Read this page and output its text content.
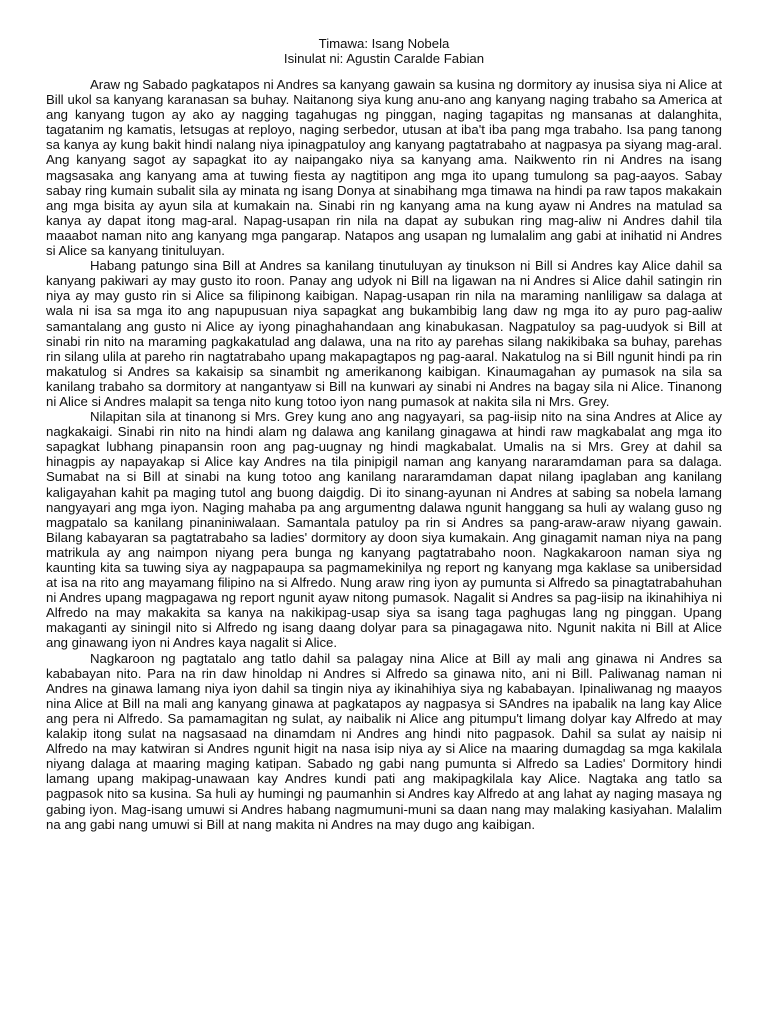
Timawa: Isang Nobela
Isinulat ni: Agustin Caralde Fabian

Araw ng Sabado pagkatapos ni Andres sa kanyang gawain sa kusina ng dormitory ay inusisa siya ni Alice at Bill ukol sa kanyang karanasan sa buhay. Naitanong siya kung anu-ano ang kanyang naging trabaho sa America at ang kanyang tugon ay ako ay nagging tagahugas ng pinggan, naging tagapitas ng mansanas at dalanghita, tagatanim ng kamatis, letsugas at reployo, naging serbedor, utusan at iba't iba pang mga trabaho. Isa pang tanong sa kanya ay kung bakit hindi nalang niya ipinagpatuloy ang kanyang pagtatrabaho at nagpasya pa siyang mag-aral. Ang kanyang sagot ay sapagkat ito ay naipangako niya sa kanyang ama. Naikwento rin ni Andres na isang magsasaka ang kanyang ama at tuwing fiesta ay nagtitipon ang mga ito upang tumulong sa pag-aayos. Sabay sabay ring kumain subalit sila ay minata ng isang Donya at sinabihang mga timawa na hindi pa raw tapos makakain ang mga bisita ay ayun sila at kumakain na. Sinabi rin ng kanyang ama na kung ayaw ni Andres na matulad sa kanya ay dapat itong mag-aral. Napag-usapan rin nila na dapat ay subukan ring mag-aliw ni Andres dahil tila maaabot naman nito ang kanyang mga pangarap. Natapos ang usapan ng lumalalim ang gabi at inihatid ni Andres si Alice sa kanyang tinituluyan.

Habang patungo sina Bill at Andres sa kanilang tinutuluyan ay tinukson ni Bill si Andres kay Alice dahil sa kanyang pakiwari ay may gusto ito roon. Panay ang udyok ni Bill na ligawan na ni Andres si Alice dahil satingin rin niya ay may gusto rin si Alice sa filipinong kaibigan. Napag-usapan rin nila na maraming nanliligaw sa dalaga at wala ni isa sa mga ito ang napupusuan niya sapagkat ang bukambibig lang daw ng mga ito ay puro pag-aaliw samantalang ang gusto ni Alice ay iyong pinaghahandaan ang kinabukasan. Nagpatuloy sa pag-uudyok si Bill at sinabi rin nito na maraming pagkakatulad ang dalawa, una na rito ay parehas silang nakikibaka sa buhay, parehas rin silang ulila at pareho rin nagtatrabaho upang makapagtapos ng pag-aaral. Nakatulog na si Bill ngunit hindi pa rin makatulog si Andres sa kakaisip sa sinambit ng amerikanong kaibigan. Kinaumagahan ay pumasok na sila sa kanilang trabaho sa dormitory at nangantyaw si Bill na kunwari ay sinabi ni Andres na bagay sila ni Alice. Tinanong ni Alice si Andres malapit sa tenga nito kung totoo iyon nang pumasok at nakita sila ni Mrs. Grey.

Nilapitan sila at tinanong si Mrs. Grey kung ano ang nagyayari, sa pag-iisip nito na sina Andres at Alice ay nagkakaigi. Sinabi rin nito na hindi alam ng dalawa ang kanilang ginagawa at hindi raw magkabalat ang mga ito sapagkat lubhang pinapansin roon ang pag-uugnay ng hindi magkabalat. Umalis na si Mrs. Grey at dahil sa hinagpis ay napayakap si Alice kay Andres na tila pinipigil naman ang kanyang nararamdaman para sa dalaga. Sumabat na si Bill at sinabi na kung totoo ang kanilang nararamdaman dapat nilang ipaglaban ang kanilang kaligayahan kahit pa maging tutol ang buong daigdig. Di ito sinang-ayunan ni Andres at sabing sa nobela lamang nangyayari ang mga iyon. Naging mahaba pa ang argumentng dalawa ngunit hanggang sa huli ay walang guso ng magpatalo sa kanilang pinaniniwalaan. Samantala patuloy pa rin si Andres sa pang-araw-araw niyang gawain. Bilang kabayaran sa pagtatrabaho sa ladies' dormitory ay doon siya kumakain. Ang ginagamit naman niya na pang matrikula ay ang naimpon niyang pera bunga ng kanyang pagtatrabaho noon. Nagkakaroon naman siya ng kaunting kita sa tuwing siya ay nagpapaupa sa pagmamekinilya ng report ng kanyang mga kaklase sa unibersidad at isa na rito ang mayamang filipino na si Alfredo. Nung araw ring iyon ay pumunta si Alfredo sa pinagtatrabahuhan ni Andres upang magpagawa ng report ngunit ayaw nitong pumasok. Nagalit si Andres sa pag-iisip na ikinahihiya ni Alfredo na may makakita sa kanya na nakikipag-usap siya sa isang taga paghugas lang ng pinggan. Upang makaganti ay siningil nito si Alfredo ng isang daang dolyar para sa pinagagawa nito. Ngunit nakita ni Bill at Alice ang ginawang iyon ni Andres kaya nagalit si Alice.

Nagkaroon ng pagtatalo ang tatlo dahil sa palagay nina Alice at Bill ay mali ang ginawa ni Andres sa kababayan nito. Para na rin daw hinoldap ni Andres si Alfredo sa ginawa nito, ani ni Bill. Paliwanag naman ni Andres na ginawa lamang niya iyon dahil sa tingin niya ay ikinahihiya siya ng kababayan. Ipinaliwanag ng maayos nina Alice at Bill na mali ang kanyang ginawa at pagkatapos ay nagpasya si SAndres na ipabalik na lang kay Alice ang pera ni Alfredo. Sa pamamagitan ng sulat, ay naibalik ni Alice ang pitumpu't limang dolyar kay Alfredo at may kalakip itong sulat na nagsasaad na dinamdam ni Andres ang hindi nito pagpasok. Dahil sa sulat ay naisip ni Alfredo na may katwiran si Andres ngunit higit na nasa isip niya ay si Alice na maaring dumagdag sa mga kakilala niyang dalaga at maaring maging katipan. Sabado ng gabi nang pumunta si Alfredo sa Ladies' Dormitory hindi lamang upang makipag-unawaan kay Andres kundi pati ang makipagkilala kay Alice. Nagtaka ang tatlo sa pagpasok nito sa kusina. Sa huli ay humingi ng paumanhin si Andres kay Alfredo at ang lahat ay naging masaya ng gabing iyon. Mag-isang umuwi si Andres habang nagmumuni-muni sa daan nang may malaking kasiyahan. Malalim na ang gabi nang umuwi si Bill at nang makita ni Andres na may dugo ang kaibigan.
